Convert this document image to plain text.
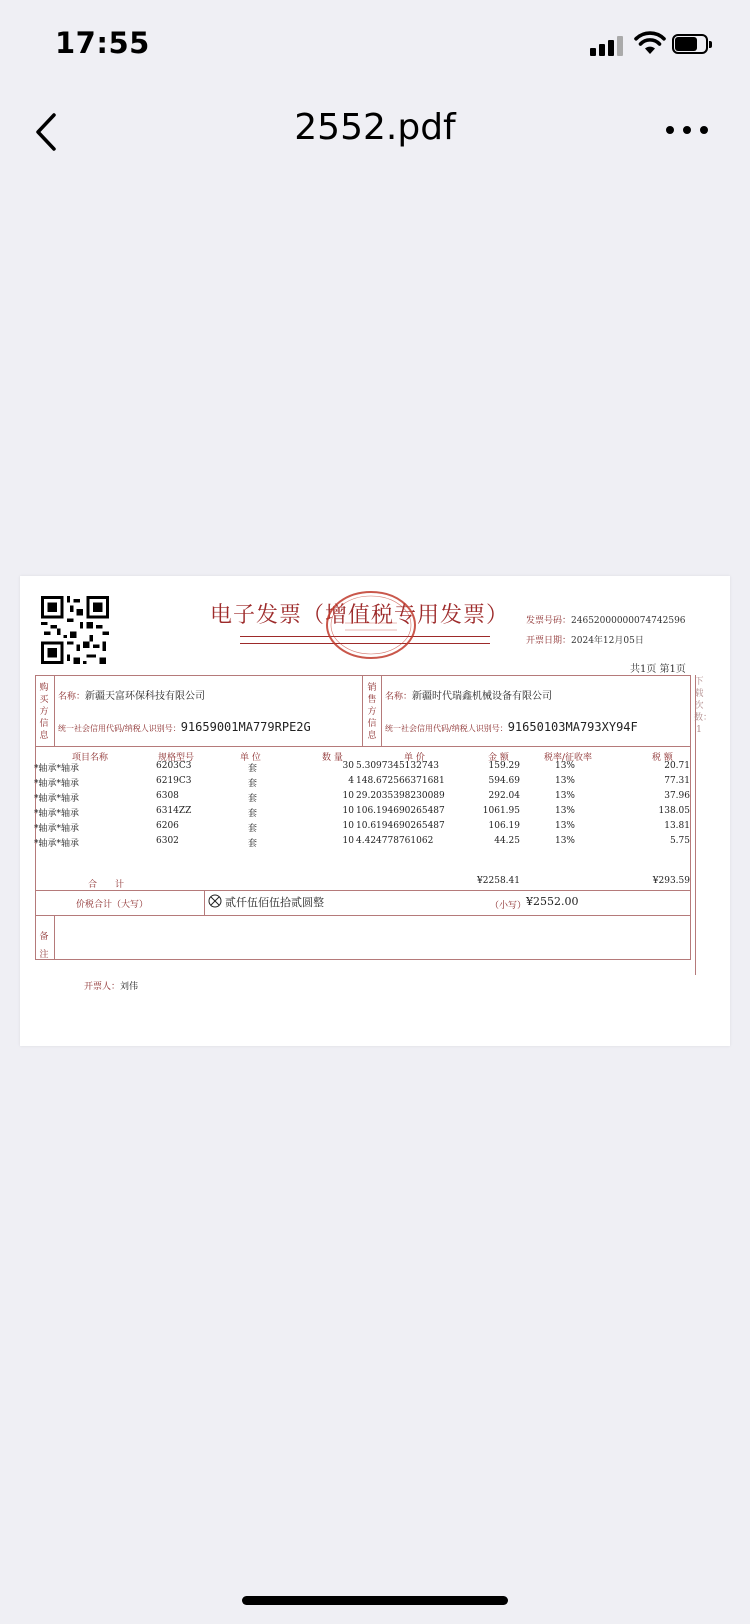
17:55
2552.pdf
电子发票（增值税专用发票） 发票号码：24652000000074742596
开票日期：2024年12月05日
共1页 第1页
下载次数：1
购买方信息
销售方信息
名称：新疆天富环保科技有限公司
统一社会信用代码/纳税人识别号：91659001MA779RPE2G
名称：新疆时代瑞鑫机械设备有限公司
统一社会信用代码/纳税人识别号：91650103MA793XY94F
项目名称	规格型号	单 位	数 量	单 价	金 额	税率/征收率	税 额
*轴承*轴承	6203C3	套	30 5.3097345132743	159.29	13%	20.71
*轴承*轴承	6219C3	套	4 148.672566371681	594.69	13%	77.31
*轴承*轴承	6308	套	10 29.2035398230089	292.04	13%	37.96
*轴承*轴承	6314ZZ	套	10 106.194690265487	1061.95	13%	138.05
*轴承*轴承	6206	套	10 10.6194690265487	106.19	13%	13.81
*轴承*轴承	6302	套	10 4.424778761062	44.25	13%	5.75
合　　计	¥2258.41	¥293.59
价税合计（大写）	贰仟伍佰伍拾贰圆整	（小写） ¥2552.00
备注
开票人：刘伟
